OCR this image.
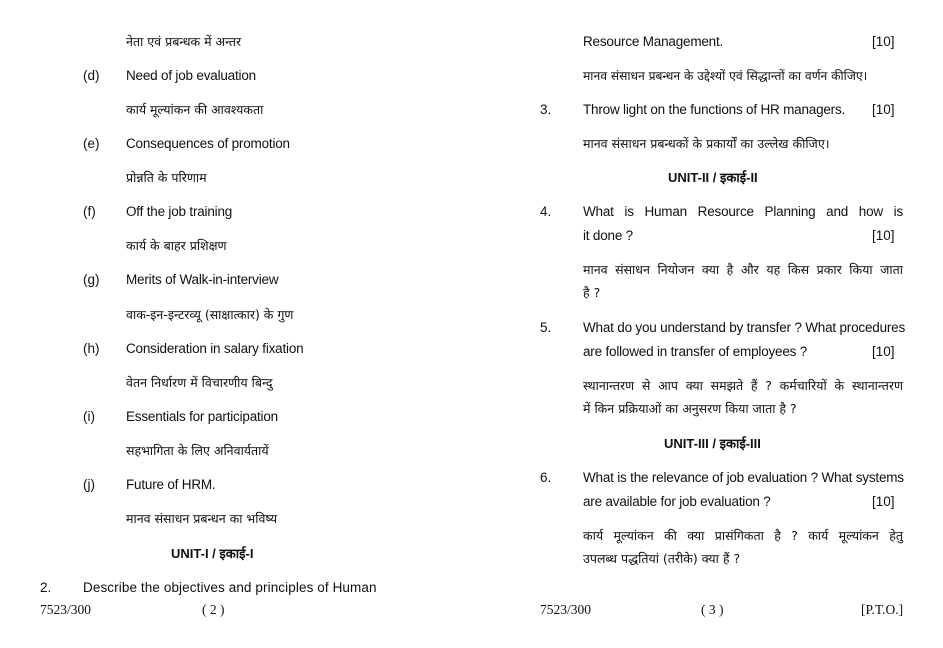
नेता एवं प्रबन्धक में अन्तर
(d) Need of job evaluation
कार्य मूल्यांकन की आवश्यकता
(e) Consequences of promotion
प्रोन्नति के परिणाम
(f) Off the job training
कार्य के बाहर प्रशिक्षण
(g) Merits of Walk-in-interview
वाक-इन-इन्टरव्यू (साक्षात्कार) के गुण
(h) Consideration in salary fixation
वेतन निर्धारण में विचारणीय बिन्दु
(i) Essentials for participation
सहभागिता के लिए अनिवार्यतायें
(j) Future of HRM.
मानव संसाधन प्रबन्धन का भविष्य
UNIT-I / इकाई-I
2. Describe the objectives and principles of Human
7523/300	( 2 )
Resource Management.	[10]
मानव संसाधन प्रबन्धन के उद्देश्यों एवं सिद्धान्तों का वर्णन कीजिए।
3. Throw light on the functions of HR managers. [10]
मानव संसाधन प्रबन्धकों के प्रकार्यों का उल्लेख कीजिए।
UNIT-II / इकाई-II
4. What is Human Resource Planning and how is
it done ?	[10]
मानव संसाधन नियोजन क्या है और यह किस प्रकार किया जाता
है ?
5. What do you understand by transfer ? What procedures
are followed in transfer of employees ?	[10]
स्थानान्तरण से आप क्या समझते हैं ? कर्मचारियों के स्थानान्तरण
में किन प्रक्रियाओं का अनुसरण किया जाता है ?
UNIT-III / इकाई-III
6. What is the relevance of job evaluation ? What systems
are available for job evaluation ?	[10]
कार्य मूल्यांकन की क्या प्रासंगिकता है ? कार्य मूल्यांकन हेतु
उपलब्ध पद्धतियां (तरीके) क्या हैं ?
7523/300	( 3 )	[P.T.O.]
